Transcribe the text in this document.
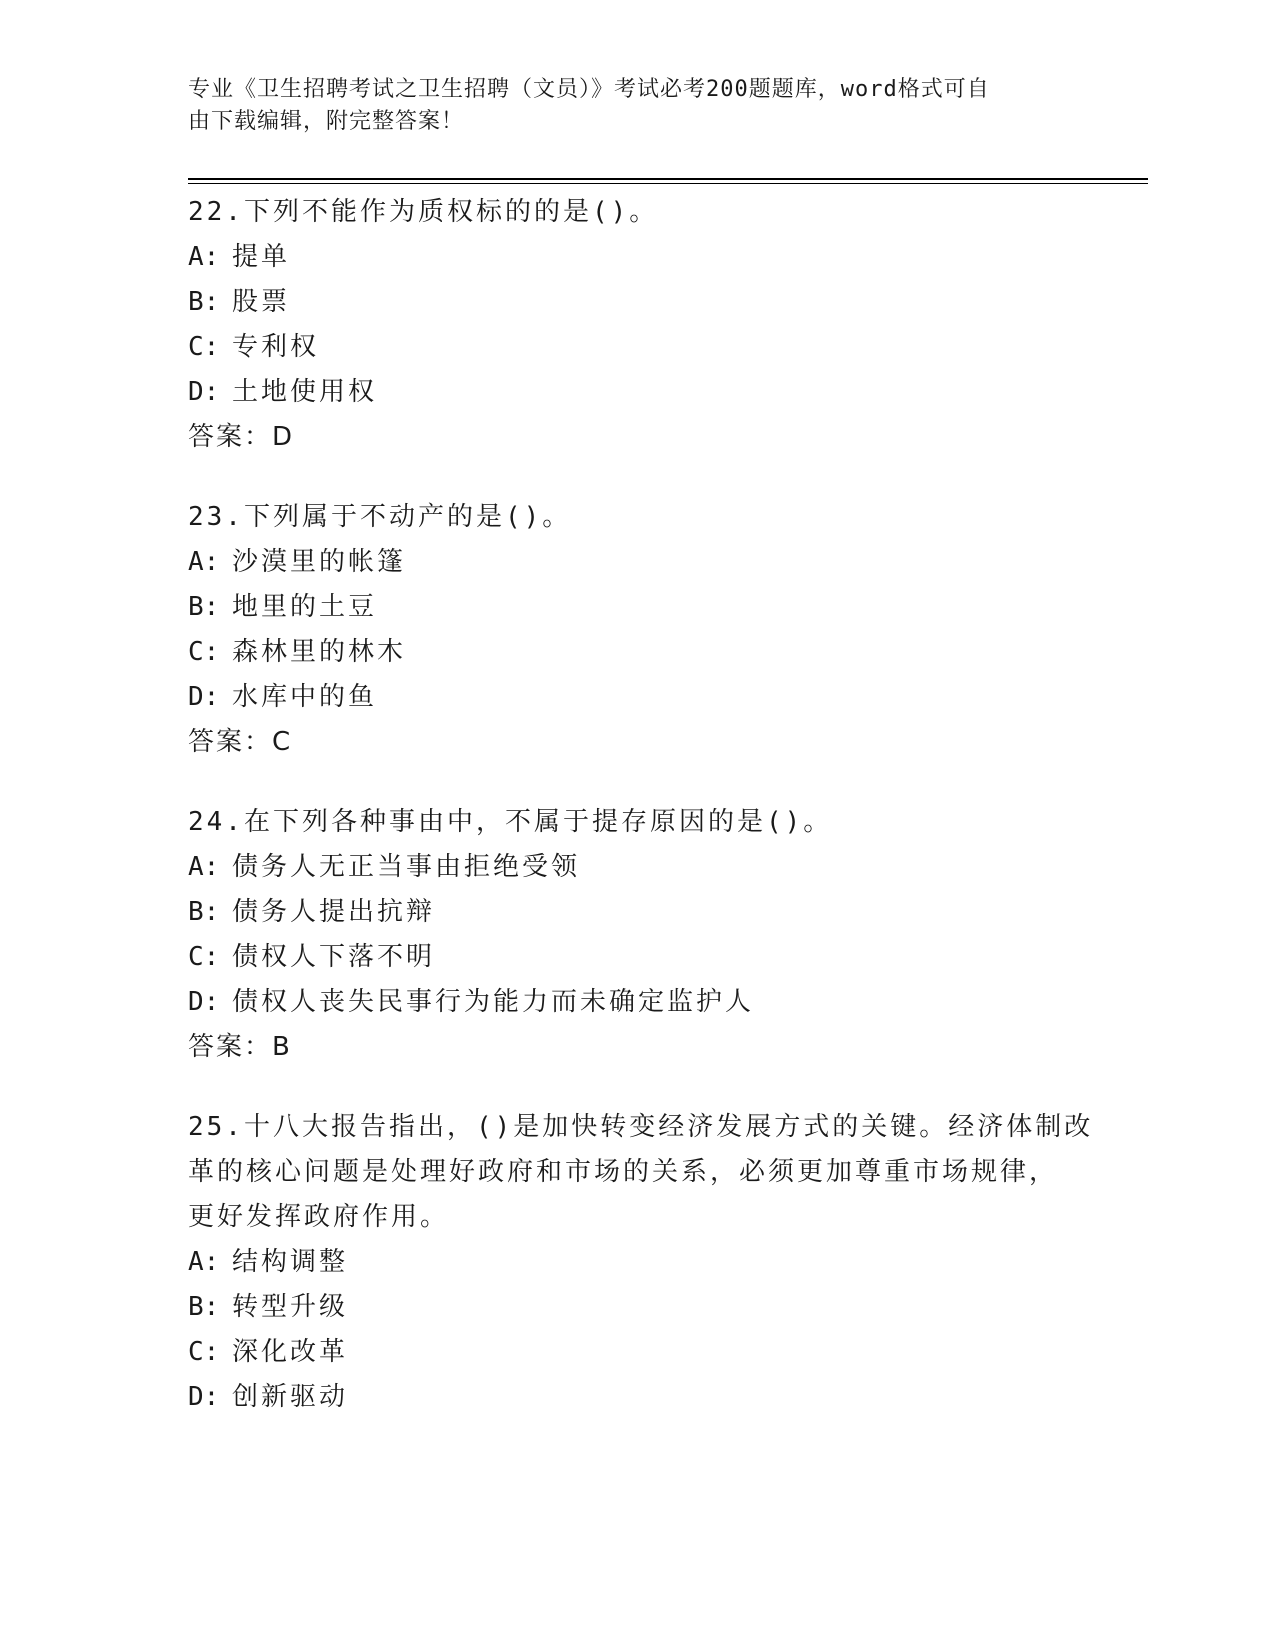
专业《卫生招聘考试之卫生招聘（文员）》考试必考200题题库，word格式可自
由下载编辑，附完整答案！

22.下列不能作为质权标的的是()。

A: 提单

B: 股票

C: 专利权

D: 土地使用权

答案：D

23.下列属于不动产的是()。

A: 沙漠里的帐篷

B: 地里的土豆

C: 森林里的林木

D: 水库中的鱼

答案：C

24.在下列各种事由中，不属于提存原因的是()。

A: 债务人无正当事由拒绝受领

B: 债务人提出抗辩

C: 债权人下落不明

D: 债权人丧失民事行为能力而未确定监护人

答案：B

25.十八大报告指出，()是加快转变经济发展方式的关键。经济体制改

革的核心问题是处理好政府和市场的关系，必须更加尊重市场规律，

更好发挥政府作用。

A: 结构调整

B: 转型升级

C: 深化改革

D: 创新驱动
